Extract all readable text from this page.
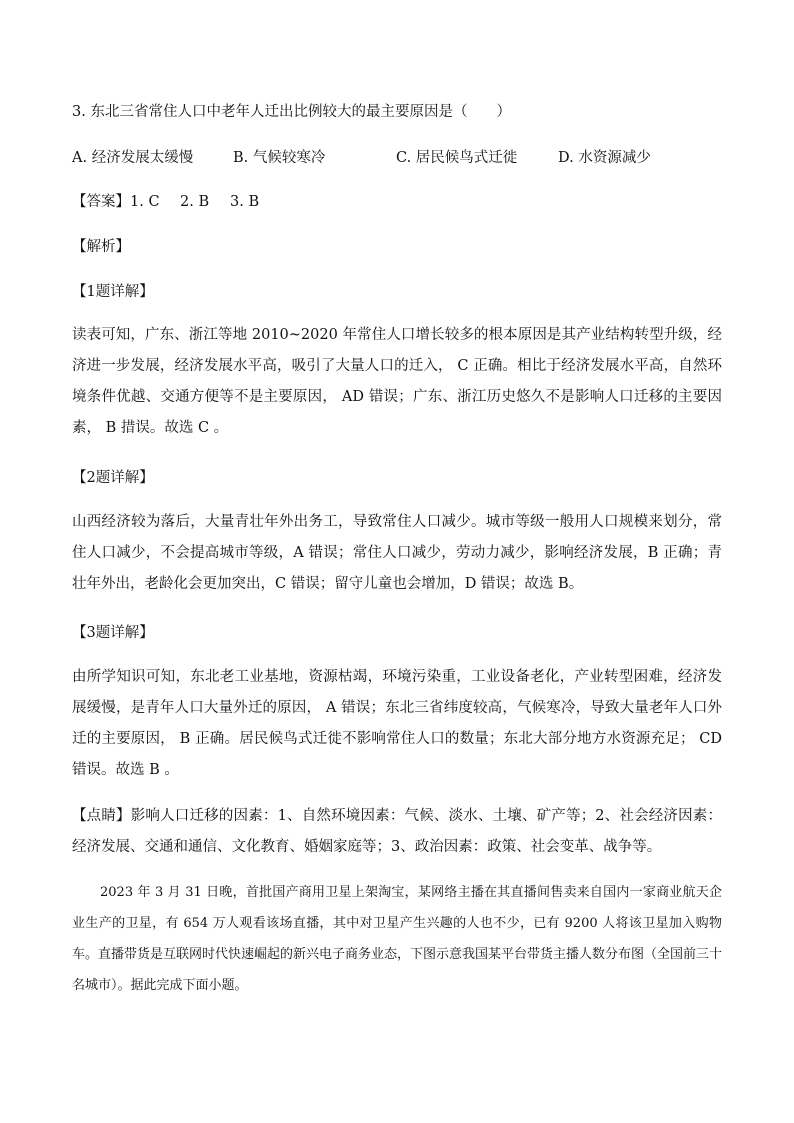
3. 东北三省常住人口中老年人迁出比例较大的最主要原因是（　　）
A. 经济发展太缓慢	B. 气候较寒冷	C. 居民候鸟式迁徙	D. 水资源减少
【答案】1. C 2. B 3. B
【解析】
【1题详解】
读表可知，广东、浙江等地 2010~2020 年常住人口增长较多的根本原因是其产业结构转型升级，经济进一步发展，经济发展水平高，吸引了大量人口的迁入， C 正确。相比于经济发展水平高，自然环境条件优越、交通方便等不是主要原因， AD 错误；广东、浙江历史悠久不是影响人口迁移的主要因素， B 措误。故选 C 。
【2题详解】
山西经济较为落后，大量青壮年外出务工，导致常住人口减少。城市等级一般用人口规模来划分，常住人口减少，不会提高城市等级，A 错误；常住人口减少，劳动力减少，影响经济发展，B 正确；青壮年外出，老龄化会更加突出，C 错误；留守儿童也会增加，D 错误；故选 B。
【3题详解】
由所学知识可知，东北老工业基地，资源枯竭，环境污染重，工业设备老化，产业转型困难，经济发展缓慢，是青年人口大量外迁的原因， A 错误；东北三省纬度较高，气候寒冷，导致大量老年人口外迁的主要原因， B 正确。居民候鸟式迁徙不影响常住人口的数量；东北大部分地方水资源充足； CD 错误。故选 B 。
【点睛】影响人口迁移的因素：1、自然环境因素：气候、淡水、土壤、矿产等；2、社会经济因素：经济发展、交通和通信、文化教育、婚姻家庭等；3、政治因素：政策、社会变革、战争等。
2023 年 3 月 31 日晚，首批国产商用卫星上架淘宝，某网络主播在其直播间售卖来自国内一家商业航天企业生产的卫星，有 654 万人观看该场直播，其中对卫星产生兴趣的人也不少，已有 9200 人将该卫星加入购物车。直播带货是互联网时代快速崛起的新兴电子商务业态，下图示意我国某平台带货主播人数分布图（全国前三十名城市）。据此完成下面小题。
